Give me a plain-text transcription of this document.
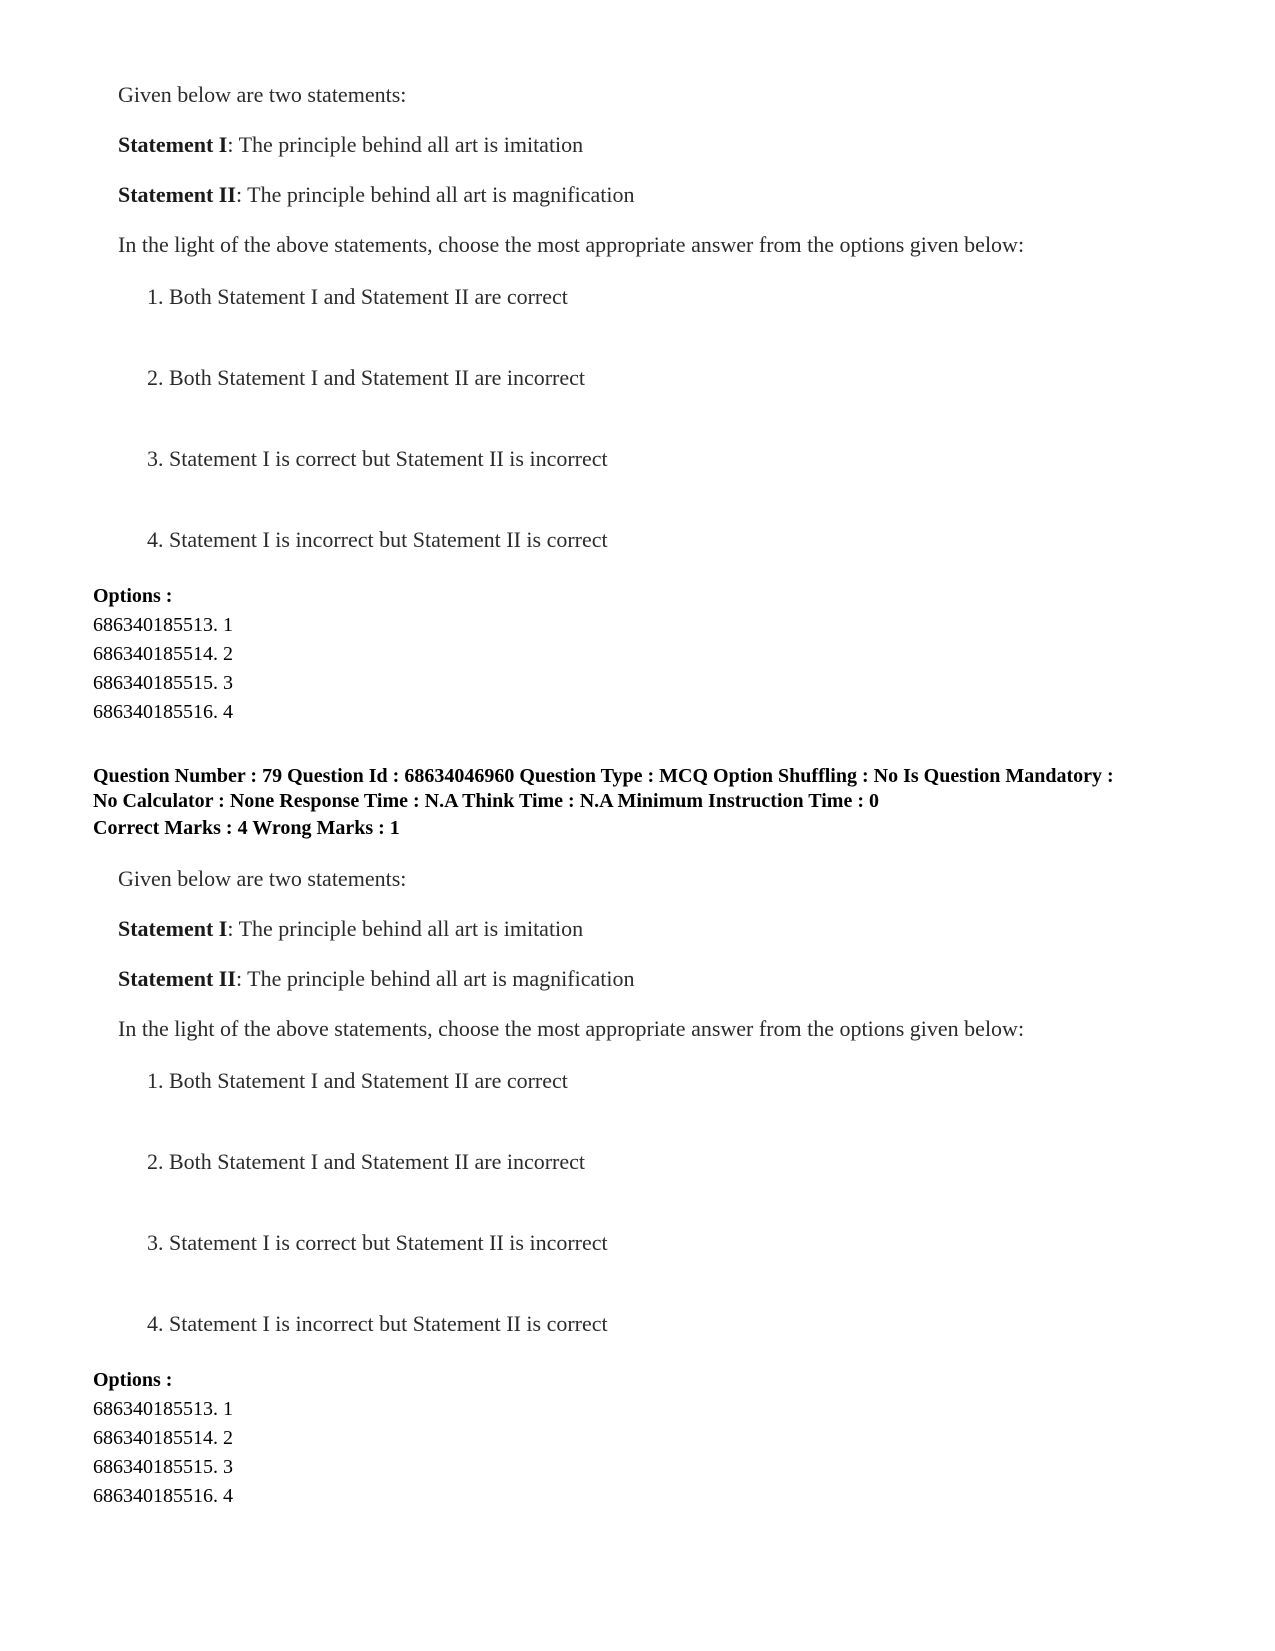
Given below are two statements:
Statement I: The principle behind all art is imitation
Statement II: The principle behind all art is magnification
In the light of the above statements, choose the most appropriate answer from the options given below:
1. Both Statement I and Statement II are correct
2. Both Statement I and Statement II are incorrect
3. Statement I is correct but Statement II is incorrect
4. Statement I is incorrect but Statement II is correct
Options :
686340185513. 1
686340185514. 2
686340185515. 3
686340185516. 4
Question Number : 79 Question Id : 68634046960 Question Type : MCQ Option Shuffling : No Is Question Mandatory :
No Calculator : None Response Time : N.A Think Time : N.A Minimum Instruction Time : 0
Correct Marks : 4 Wrong Marks : 1
Given below are two statements:
Statement I: The principle behind all art is imitation
Statement II: The principle behind all art is magnification
In the light of the above statements, choose the most appropriate answer from the options given below:
1. Both Statement I and Statement II are correct
2. Both Statement I and Statement II are incorrect
3. Statement I is correct but Statement II is incorrect
4. Statement I is incorrect but Statement II is correct
Options :
686340185513. 1
686340185514. 2
686340185515. 3
686340185516. 4
